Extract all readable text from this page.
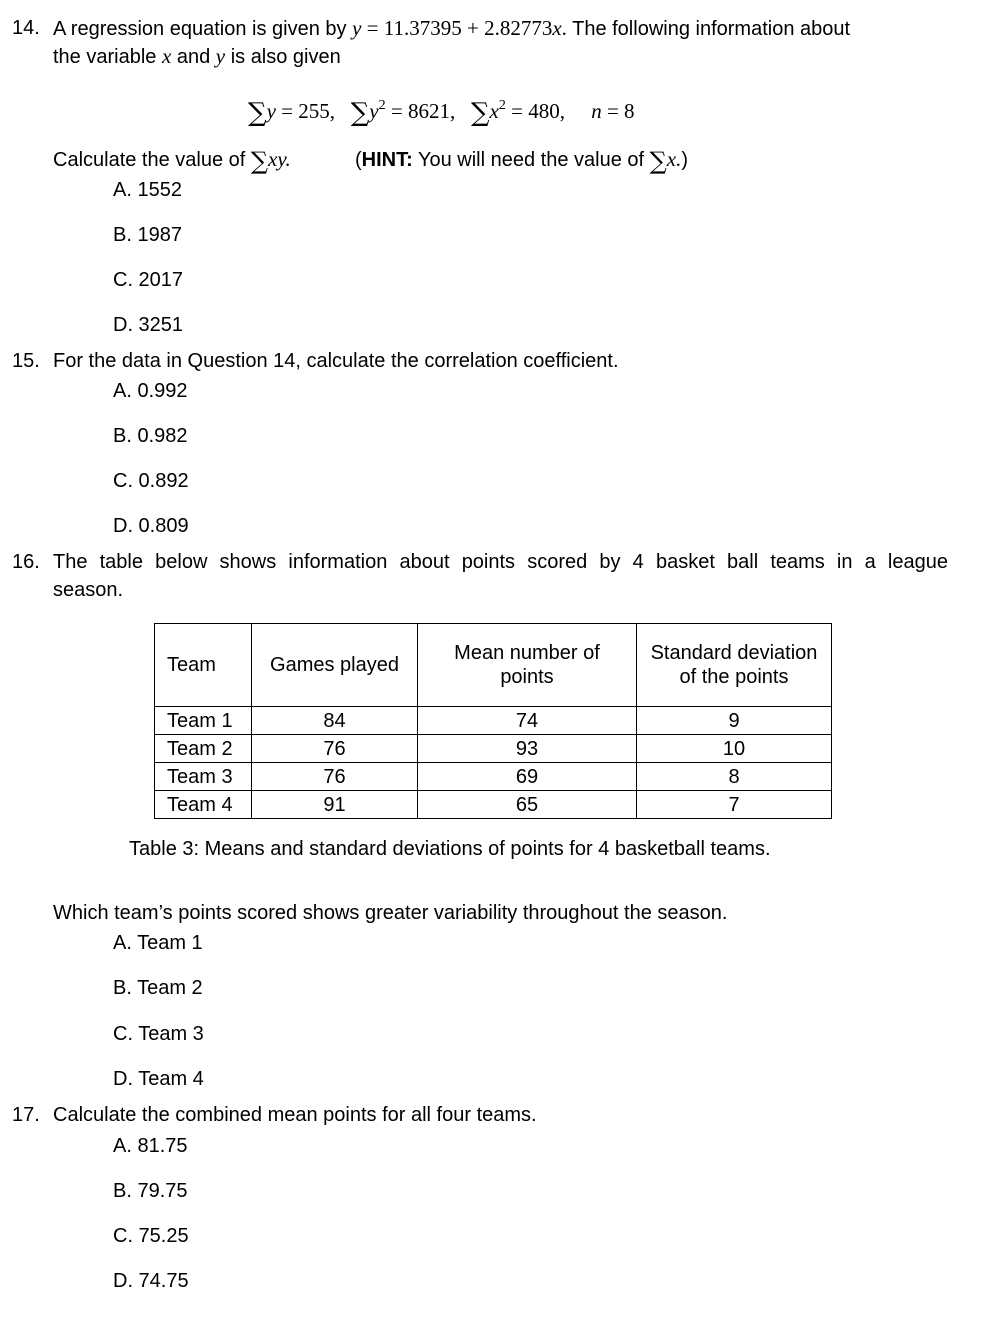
14. A regression equation is given by y = 11.37395 + 2.82773x. The following information about
the variable x and y is also given
∑y = 255, $\sum y^2 = 8621$, $\sum x^2 = 480$, n = 8
Calculate the value of ∑xy.	(HINT: You will need the value of ∑x.)
A. 1552
B. 1987
C. 2017
D. 3251
15. For the data in Question 14, calculate the correlation coefficient.
A. 0.992
B. 0.982
C. 0.892
D. 0.809
16. The table below shows information about points scored by 4 basket ball teams in a league
season.
Team	Games played	Mean number of points	Standard deviation of the points
Team 1	84	74	9
Team 2	76	93	10
Team 3	76	69	8
Team 4	91	65	7
Table 3: Means and standard deviations of points for 4 basketball teams.
Which team’s points scored shows greater variability throughout the season.
A. Team 1
B. Team 2
C. Team 3
D. Team 4
17. Calculate the combined mean points for all four teams.
A. 81.75
B. 79.75
C. 75.25
D. 74.75
